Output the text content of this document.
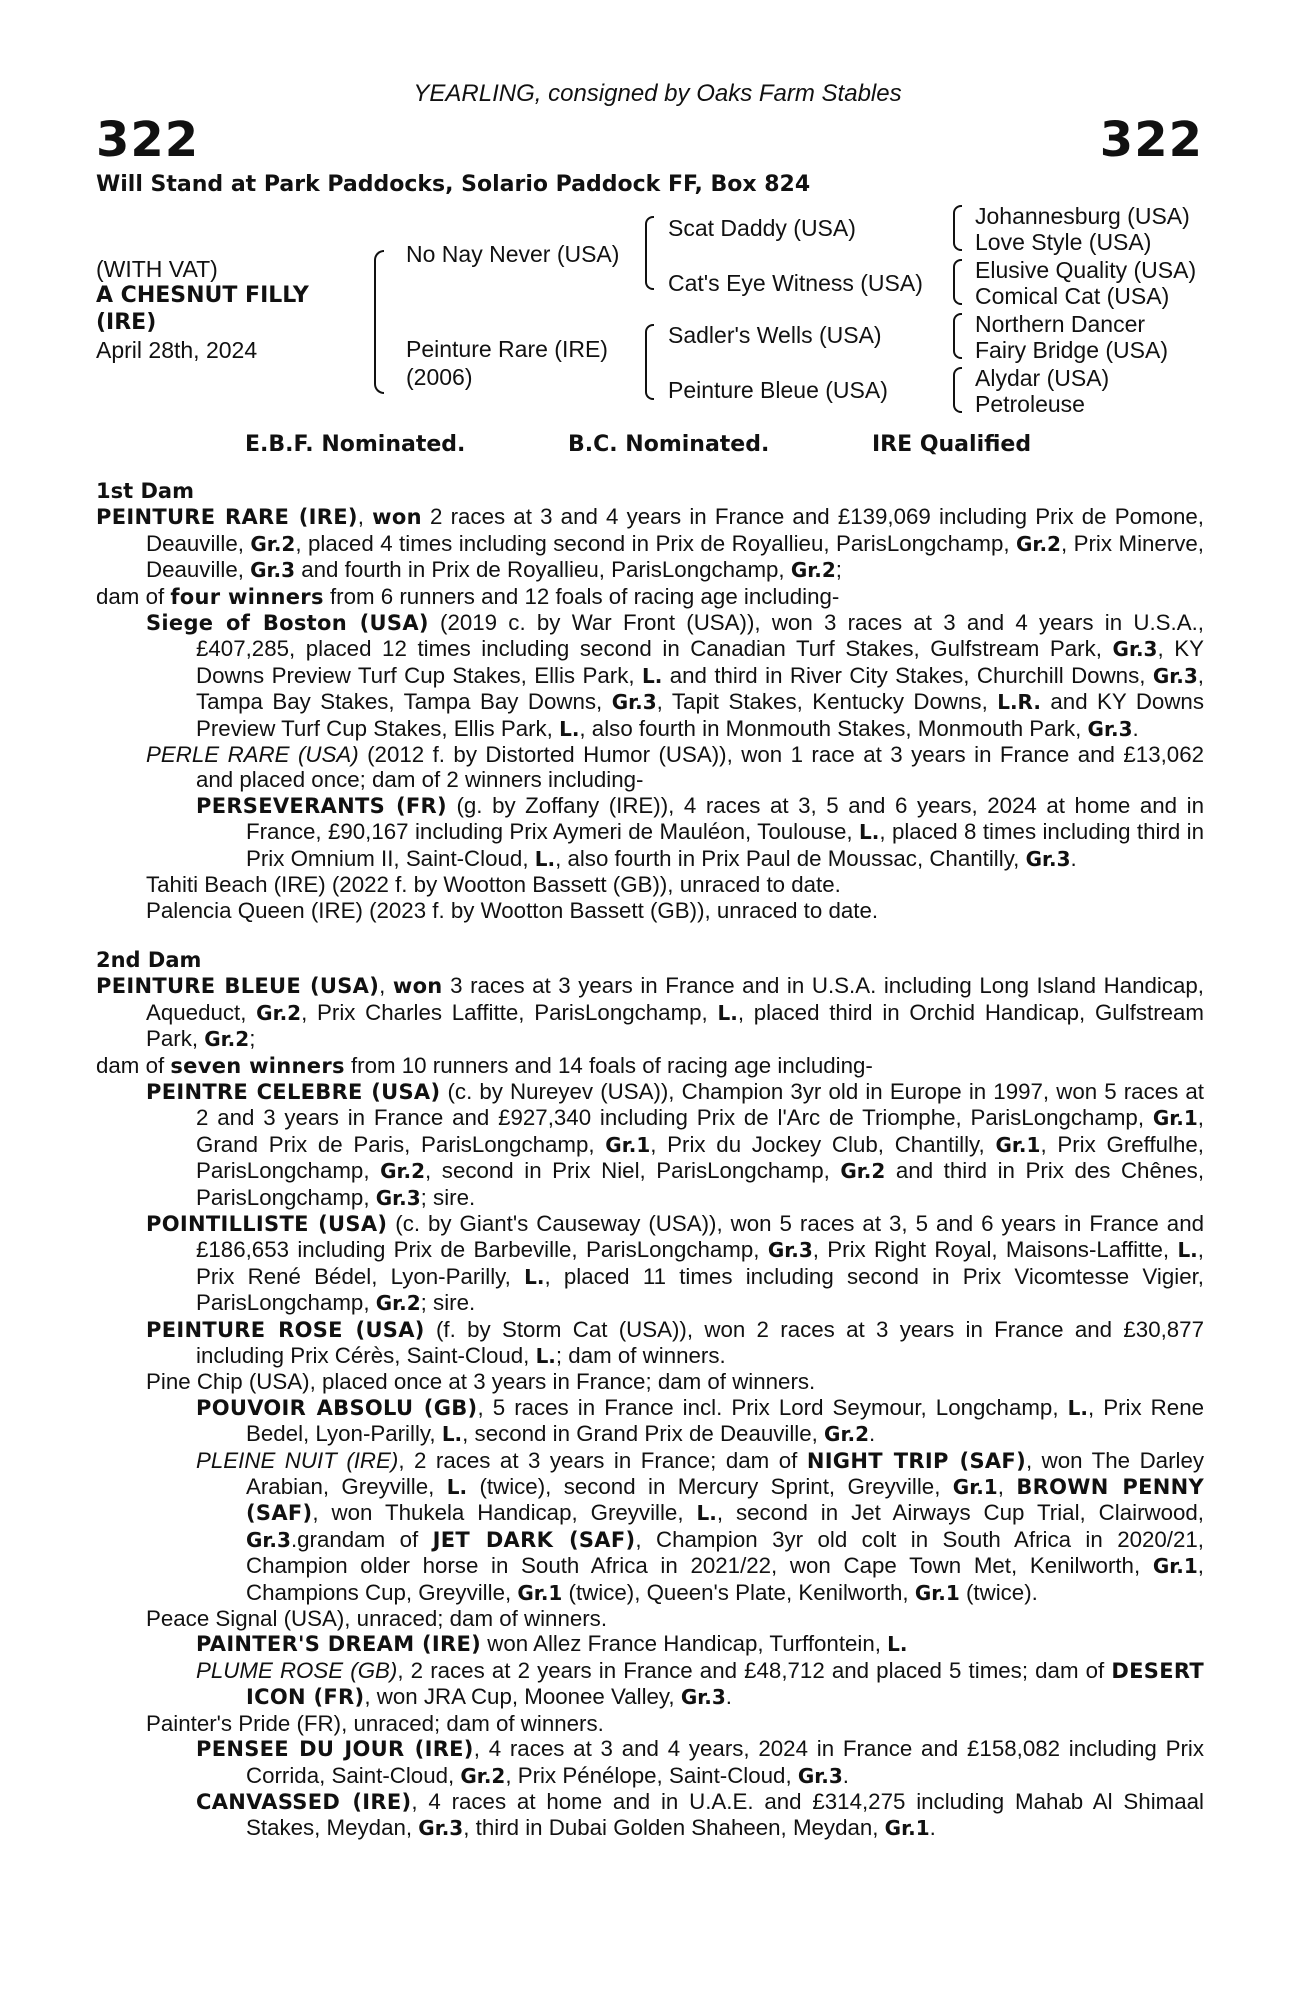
YEARLING, consigned by Oaks Farm Stables
322	322
Will Stand at Park Paddocks, Solario Paddock FF, Box 824
(WITH VAT)
A CHESNUT FILLY
(IRE)
April 28th, 2024
No Nay Never (USA)
Peinture Rare (IRE)
(2006)
Scat Daddy (USA)
Cat's Eye Witness (USA)
Sadler's Wells (USA)
Peinture Bleue (USA)
Johannesburg (USA)
Love Style (USA)
Elusive Quality (USA)
Comical Cat (USA)
Northern Dancer
Fairy Bridge (USA)
Alydar (USA)
Petroleuse
E.B.F. Nominated.	B.C. Nominated.	IRE Qualified

1st Dam

PEINTURE RARE (IRE), won 2 races at 3 and 4 years in France and £139,069 including Prix de Pomone, Deauville, Gr.2, placed 4 times including second in Prix de Royallieu, ParisLongchamp, Gr.2, Prix Minerve, Deauville, Gr.3 and fourth in Prix de Royallieu, ParisLongchamp, Gr.2;

dam of four winners from 6 runners and 12 foals of racing age including-

Siege of Boston (USA) (2019 c. by War Front (USA)), won 3 races at 3 and 4 years in U.S.A., £407,285, placed 12 times including second in Canadian Turf Stakes, Gulfstream Park, Gr.3, KY Downs Preview Turf Cup Stakes, Ellis Park, L. and third in River City Stakes, Churchill Downs, Gr.3, Tampa Bay Stakes, Tampa Bay Downs, Gr.3, Tapit Stakes, Kentucky Downs, L.R. and KY Downs Preview Turf Cup Stakes, Ellis Park, L., also fourth in Monmouth Stakes, Monmouth Park, Gr.3.

PERLE RARE (USA) (2012 f. by Distorted Humor (USA)), won 1 race at 3 years in France and £13,062 and placed once; dam of 2 winners including-

PERSEVERANTS (FR) (g. by Zoffany (IRE)), 4 races at 3, 5 and 6 years, 2024 at home and in France, £90,167 including Prix Aymeri de Mauléon, Toulouse, L., placed 8 times including third in Prix Omnium II, Saint-Cloud, L., also fourth in Prix Paul de Moussac, Chantilly, Gr.3.

Tahiti Beach (IRE) (2022 f. by Wootton Bassett (GB)), unraced to date.

Palencia Queen (IRE) (2023 f. by Wootton Bassett (GB)), unraced to date.

2nd Dam

PEINTURE BLEUE (USA), won 3 races at 3 years in France and in U.S.A. including Long Island Handicap, Aqueduct, Gr.2, Prix Charles Laffitte, ParisLongchamp, L., placed third in Orchid Handicap, Gulfstream Park, Gr.2;

dam of seven winners from 10 runners and 14 foals of racing age including-

PEINTRE CELEBRE (USA) (c. by Nureyev (USA)), Champion 3yr old in Europe in 1997, won 5 races at 2 and 3 years in France and £927,340 including Prix de l'Arc de Triomphe, ParisLongchamp, Gr.1, Grand Prix de Paris, ParisLongchamp, Gr.1, Prix du Jockey Club, Chantilly, Gr.1, Prix Greffulhe, ParisLongchamp, Gr.2, second in Prix Niel, ParisLongchamp, Gr.2 and third in Prix des Chênes, ParisLongchamp, Gr.3; sire.

POINTILLISTE (USA) (c. by Giant's Causeway (USA)), won 5 races at 3, 5 and 6 years in France and £186,653 including Prix de Barbeville, ParisLongchamp, Gr.3, Prix Right Royal, Maisons-Laffitte, L., Prix René Bédel, Lyon-Parilly, L., placed 11 times including second in Prix Vicomtesse Vigier, ParisLongchamp, Gr.2; sire.

PEINTURE ROSE (USA) (f. by Storm Cat (USA)), won 2 races at 3 years in France and £30,877 including Prix Cérès, Saint-Cloud, L.; dam of winners.

Pine Chip (USA), placed once at 3 years in France; dam of winners.

POUVOIR ABSOLU (GB), 5 races in France incl. Prix Lord Seymour, Longchamp, L., Prix Rene Bedel, Lyon-Parilly, L., second in Grand Prix de Deauville, Gr.2.

PLEINE NUIT (IRE), 2 races at 3 years in France; dam of NIGHT TRIP (SAF), won The Darley Arabian, Greyville, L. (twice), second in Mercury Sprint, Greyville, Gr.1, BROWN PENNY (SAF), won Thukela Handicap, Greyville, L., second in Jet Airways Cup Trial, Clairwood, Gr.3.grandam of JET DARK (SAF), Champion 3yr old colt in South Africa in 2020/21, Champion older horse in South Africa in 2021/22, won Cape Town Met, Kenilworth, Gr.1, Champions Cup, Greyville, Gr.1 (twice), Queen's Plate, Kenilworth, Gr.1 (twice).

Peace Signal (USA), unraced; dam of winners.

PAINTER'S DREAM (IRE) won Allez France Handicap, Turffontein, L.

PLUME ROSE (GB), 2 races at 2 years in France and £48,712 and placed 5 times; dam of DESERT ICON (FR), won JRA Cup, Moonee Valley, Gr.3.

Painter's Pride (FR), unraced; dam of winners.

PENSEE DU JOUR (IRE), 4 races at 3 and 4 years, 2024 in France and £158,082 including Prix Corrida, Saint-Cloud, Gr.2, Prix Pénélope, Saint-Cloud, Gr.3.

CANVASSED (IRE), 4 races at home and in U.A.E. and £314,275 including Mahab Al Shimaal Stakes, Meydan, Gr.3, third in Dubai Golden Shaheen, Meydan, Gr.1.
